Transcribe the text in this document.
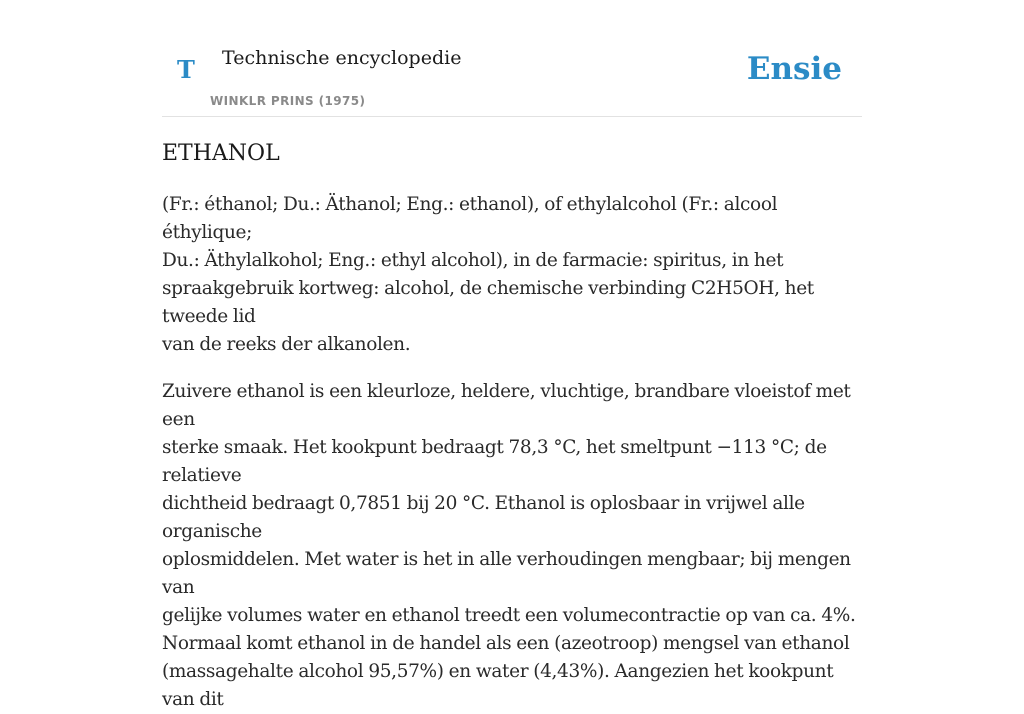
T Technische encyclopedie
WINKLR PRINS (1975)
Ensie
ETHANOL

(Fr.: éthanol; Du.: Äthanol; Eng.: ethanol), of ethylalcohol (Fr.: alcool éthylique;
Du.: Äthylalkohol; Eng.: ethyl alcohol), in de farmacie: spiritus, in het
spraakgebruik kortweg: alcohol, de chemische verbinding C2H5OH, het tweede lid
van de reeks der alkanolen.

Zuivere ethanol is een kleurloze, heldere, vluchtige, brandbare vloeistof met een
sterke smaak. Het kookpunt bedraagt 78,3 °C, het smeltpunt −113 °C; de relatieve
dichtheid bedraagt 0,7851 bij 20 °C. Ethanol is oplosbaar in vrijwel alle organische
oplosmiddelen. Met water is het in alle verhoudingen mengbaar; bij mengen van
gelijke volumes water en ethanol treedt een volumecontractie op van ca. 4%.
Normaal komt ethanol in de handel als een (azeotroop) mengsel van ethanol
(massagehalte alcohol 95,57%) en water (4,43%). Aangezien het kookpunt van dit
